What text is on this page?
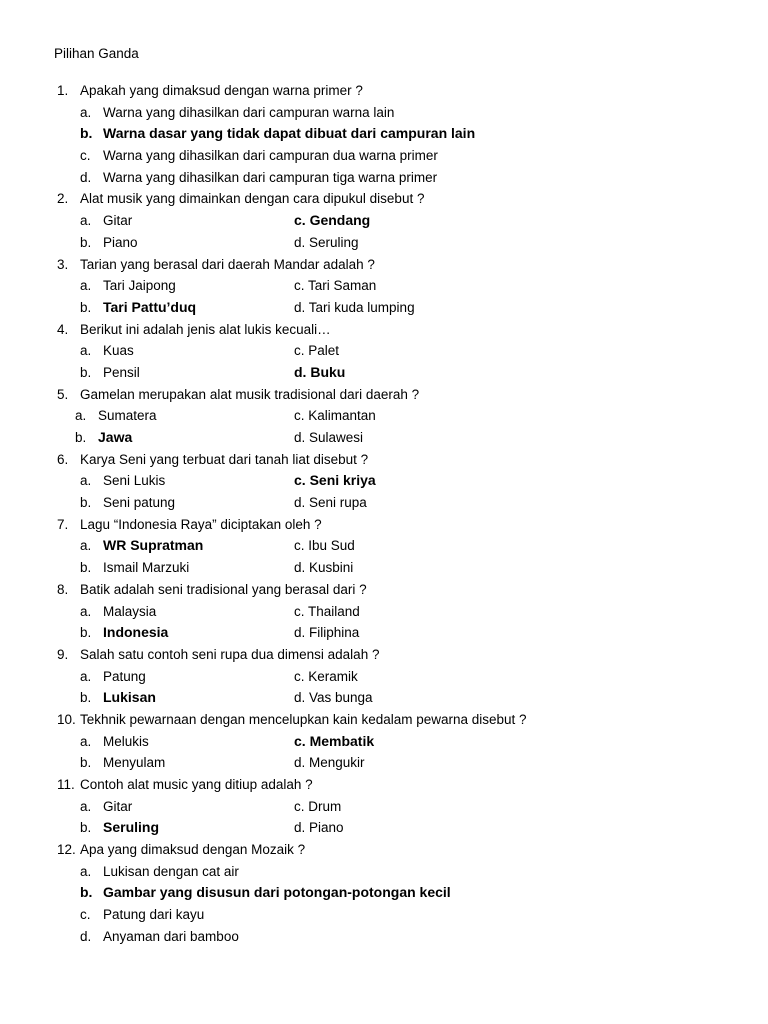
Pilihan Ganda
1. Apakah yang dimaksud dengan warna primer ?
a. Warna yang dihasilkan dari campuran warna lain
b. Warna dasar yang tidak dapat dibuat dari campuran lain
c. Warna yang dihasilkan dari campuran dua warna primer
d. Warna yang dihasilkan dari campuran tiga warna primer
2. Alat musik yang dimainkan dengan cara dipukul disebut ?
a. Gitar	c. Gendang
b. Piano	d. Seruling
3. Tarian yang berasal dari daerah Mandar adalah ?
a. Tari Jaipong	c. Tari Saman
b. Tari Pattu’duq	d. Tari kuda lumping
4. Berikut ini adalah jenis alat lukis kecuali…
a. Kuas	c. Palet
b. Pensil	d. Buku
5. Gamelan merupakan alat musik tradisional dari daerah ?
a. Sumatera	c. Kalimantan
b. Jawa	d. Sulawesi
6. Karya Seni yang terbuat dari tanah liat disebut ?
a. Seni Lukis	c. Seni kriya
b. Seni patung	d. Seni rupa
7. Lagu “Indonesia Raya” diciptakan oleh ?
a. WR Supratman	c. Ibu Sud
b. Ismail Marzuki	d. Kusbini
8. Batik adalah seni tradisional yang berasal dari ?
a. Malaysia	c. Thailand
b. Indonesia	d. Filiphina
9. Salah satu contoh seni rupa dua dimensi adalah ?
a. Patung	c. Keramik
b. Lukisan	d. Vas bunga
10. Tekhnik pewarnaan dengan mencelupkan kain kedalam pewarna disebut ?
a. Melukis	c. Membatik
b. Menyulam	d. Mengukir
11. Contoh alat music yang ditiup adalah ?
a. Gitar	c. Drum
b. Seruling	d. Piano
12. Apa yang dimaksud dengan Mozaik ?
a. Lukisan dengan cat air
b. Gambar yang disusun dari potongan-potongan kecil
c. Patung dari kayu
d. Anyaman dari bamboo
